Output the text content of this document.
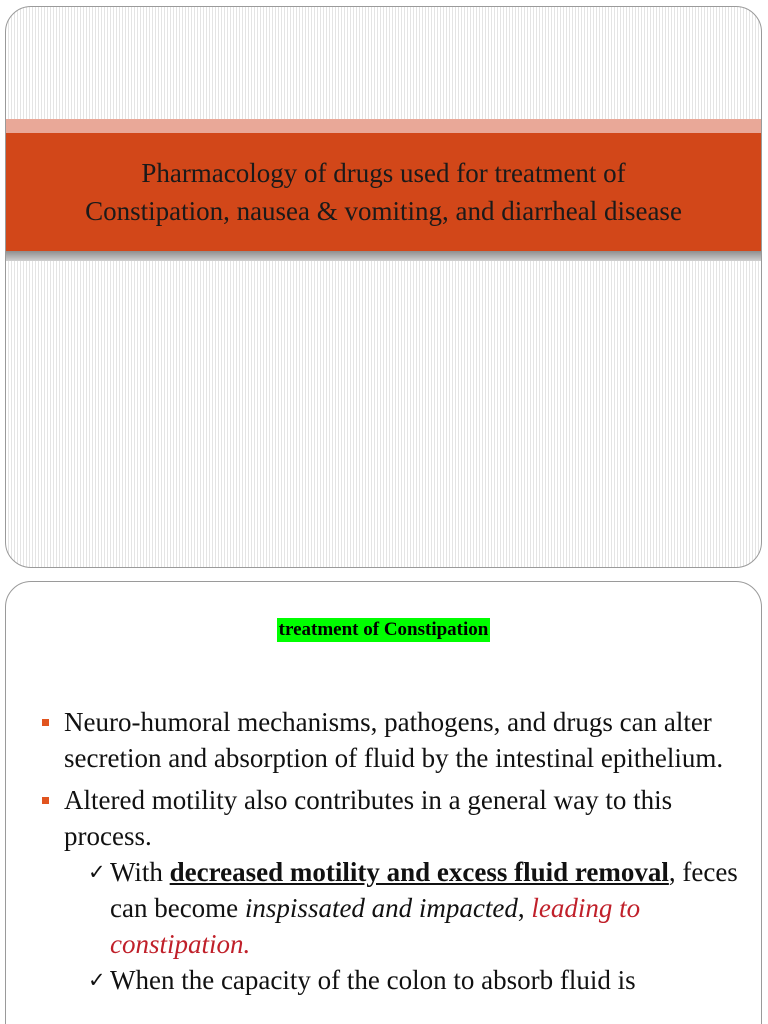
Pharmacology of drugs used for treatment of
Constipation, nausea & vomiting, and diarrheal disease
treatment of Constipation
Neuro-humoral mechanisms, pathogens, and drugs can alter secretion and absorption of fluid by the intestinal epithelium.
Altered motility also contributes in a general way to this process.
✓ With decreased motility and excess fluid removal, feces can become inspissated and impacted, leading to constipation.
✓ When the capacity of the colon to absorb fluid is
